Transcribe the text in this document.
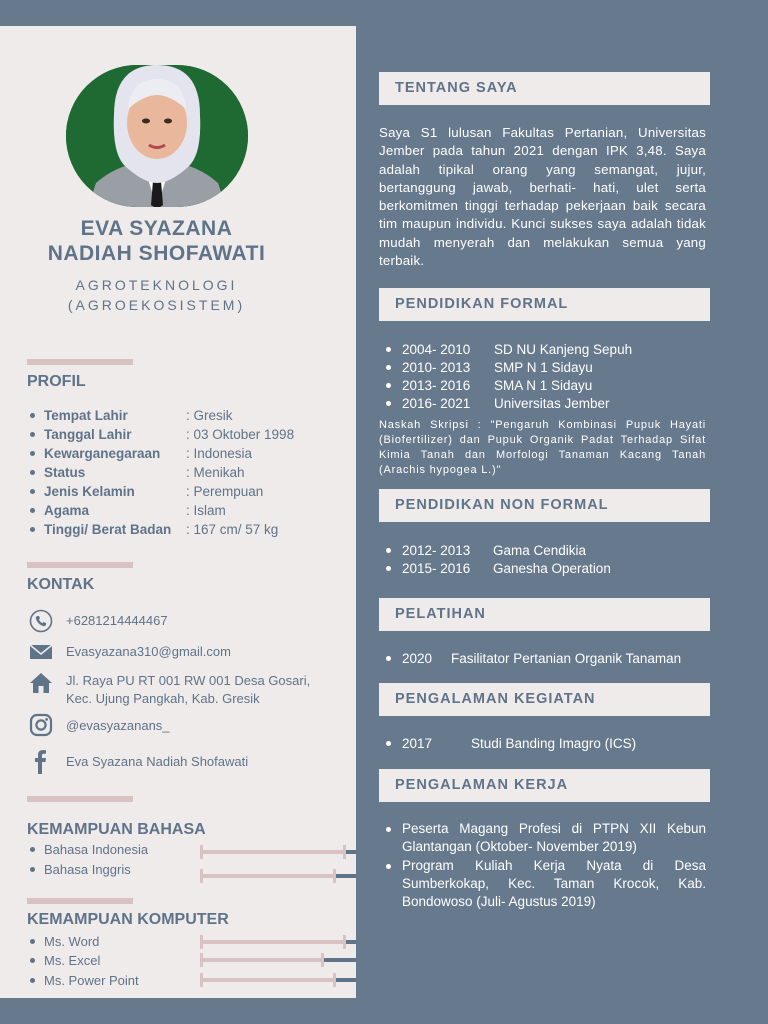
EVA SYAZANA
NADIAH SHOFAWATI
AGROTEKNOLOGI
(AGROEKOSISTEM)
PROFIL
Tempat Lahir	: Gresik
Tanggal Lahir	: 03 Oktober 1998
Kewarganegaraan	: Indonesia
Status	: Menikah
Jenis Kelamin	: Perempuan
Agama	: Islam
Tinggi/ Berat Badan	: 167 cm/ 57 kg
KONTAK
+6281214444467
Evasyazana310@gmail.com
Jl. Raya PU RT 001 RW 001 Desa Gosari,
Kec. Ujung Pangkah, Kab. Gresik
@evasyazanans_
Eva Syazana Nadiah Shofawati
KEMAMPUAN BAHASA
Bahasa Indonesia
Bahasa Inggris
KEMAMPUAN KOMPUTER
Ms. Word
Ms. Excel
Ms. Power Point
TENTANG SAYA
Saya S1 lulusan Fakultas Pertanian, Universitas Jember pada tahun 2021 dengan IPK 3,48. Saya adalah tipikal orang yang semangat, jujur, bertanggung jawab, berhati- hati, ulet serta berkomitmen tinggi terhadap pekerjaan baik secara tim maupun individu. Kunci sukses saya adalah tidak mudah menyerah dan melakukan semua yang terbaik.
PENDIDIKAN FORMAL
2004- 2010	SD NU Kanjeng Sepuh
2010- 2013	SMP N 1 Sidayu
2013- 2016	SMA N 1 Sidayu
2016- 2021	Universitas Jember
Naskah Skripsi : "Pengaruh Kombinasi Pupuk Hayati (Biofertilizer) dan Pupuk Organik Padat Terhadap Sifat Kimia Tanah dan Morfologi Tanaman Kacang Tanah (Arachis hypogea L.)"
PENDIDIKAN NON FORMAL
2012- 2013	Gama Cendikia
2015- 2016	Ganesha Operation
PELATIHAN
2020	Fasilitator Pertanian Organik Tanaman
PENGALAMAN KEGIATAN
2017	Studi Banding Imagro (ICS)
PENGALAMAN KERJA
Peserta Magang Profesi di PTPN XII Kebun Glantangan (Oktober- November 2019)
Program Kuliah Kerja Nyata di Desa Sumberkokap, Kec. Taman Krocok, Kab. Bondowoso (Juli- Agustus 2019)
